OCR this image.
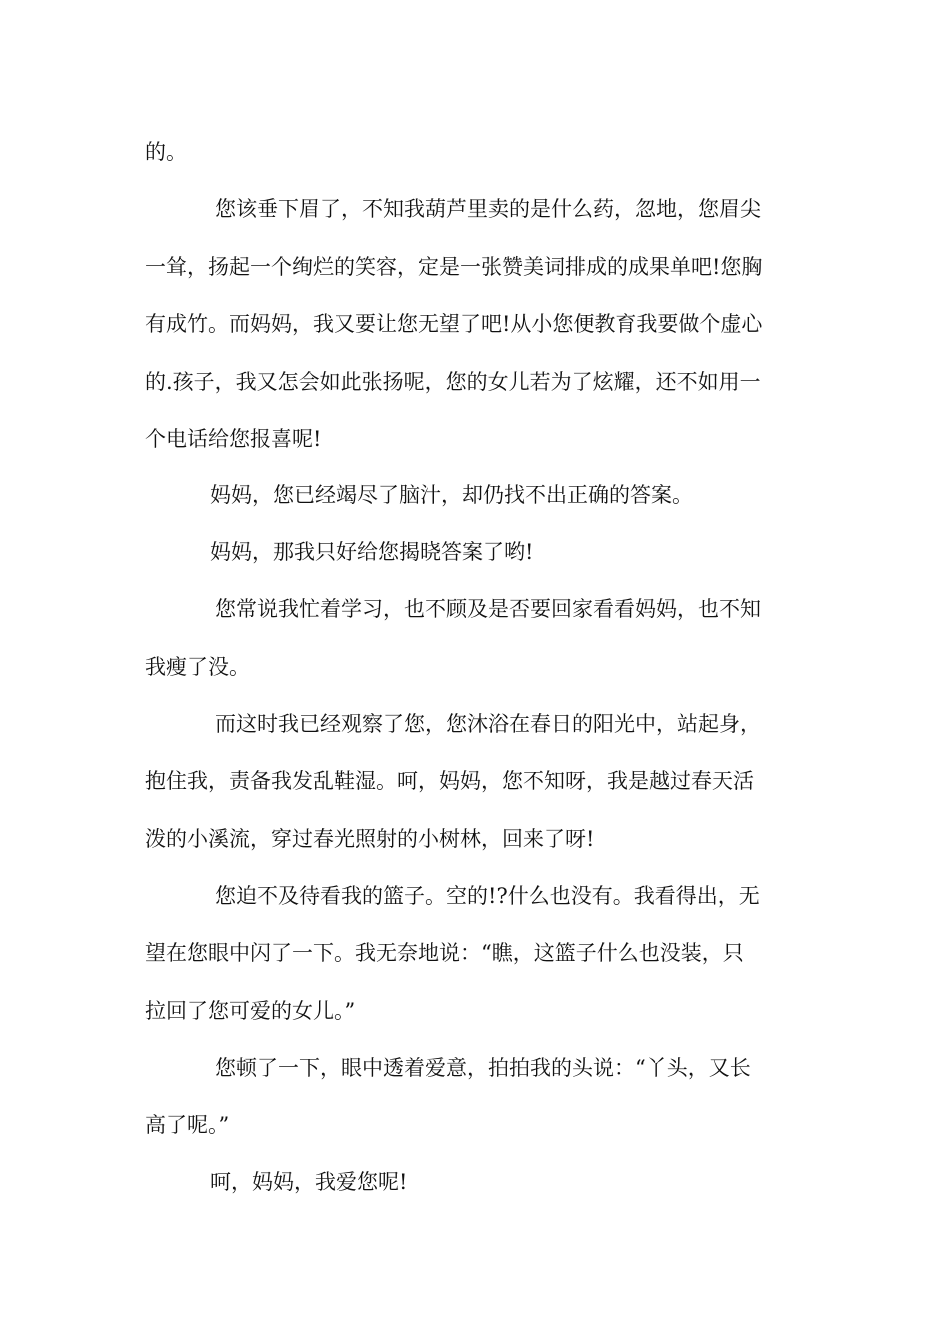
的。
您该垂下眉了，不知我葫芦里卖的是什么药，忽地，您眉尖
一耸，扬起一个绚烂的笑容，定是一张赞美词排成的成果单吧!您胸
有成竹。而妈妈，我又要让您无望了吧!从小您便教育我要做个虚心
的.孩子，我又怎会如此张扬呢，您的女儿若为了炫耀，还不如用一
个电话给您报喜呢!
妈妈，您已经竭尽了脑汁，却仍找不出正确的答案。
妈妈，那我只好给您揭晓答案了哟!
您常说我忙着学习，也不顾及是否要回家看看妈妈，也不知
我瘦了没。
而这时我已经观察了您，您沐浴在春日的阳光中，站起身，
抱住我，责备我发乱鞋湿。呵，妈妈，您不知呀，我是越过春天活
泼的小溪流，穿过春光照射的小树林，回来了呀!
您迫不及待看我的篮子。空的!?什么也没有。我看得出，无
望在您眼中闪了一下。我无奈地说：“瞧，这篮子什么也没装，只
拉回了您可爱的女儿。”
您顿了一下，眼中透着爱意，拍拍我的头说：“丫头，又长
高了呢。”
呵，妈妈，我爱您呢!
